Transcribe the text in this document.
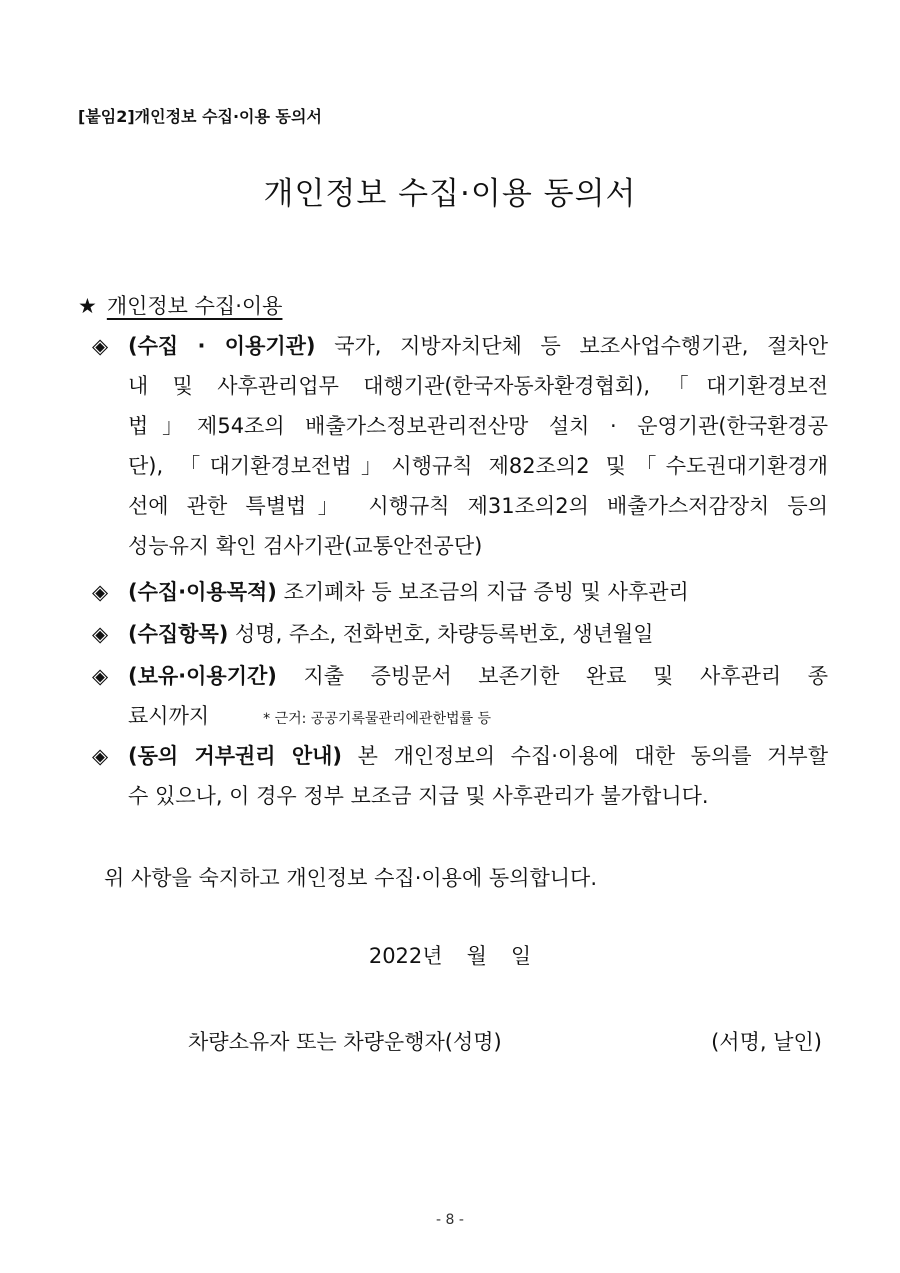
[붙임2]개인정보 수집·이용 동의서
개인정보 수집·이용 동의서
★ 개인정보 수집·이용
◈ (수집 · 이용기관) 국가, 지방자치단체 등 보조사업수행기관, 절차안
내 및 사후관리업무 대행기관(한국자동차환경협회),「대기환경보전
법」제54조의 배출가스정보관리전산망 설치 · 운영기관(한국환경공
단), 「대기환경보전법」시행규칙 제82조의2 및「수도권대기환경개
선에 관한 특별법」 시행규칙 제31조의2의 배출가스저감장치 등의
성능유지 확인 검사기관(교통안전공단)
◈ (수집·이용목적) 조기폐차 등 보조금의 지급 증빙 및 사후관리
◈ (수집항목) 성명, 주소, 전화번호, 차량등록번호, 생년월일
◈ (보유·이용기간) 지출 증빙문서 보존기한 완료 및 사후관리 종
료시까지	* 근거: 공공기록물관리에관한법률 등
◈ (동의 거부권리 안내) 본 개인정보의 수집·이용에 대한 동의를 거부할
수 있으나, 이 경우 정부 보조금 지급 및 사후관리가 불가합니다.
위 사항을 숙지하고 개인정보 수집·이용에 동의합니다.
2022년 월 일
차량소유자 또는 차량운행자(성명)	(서명, 날인)
- 8 -
